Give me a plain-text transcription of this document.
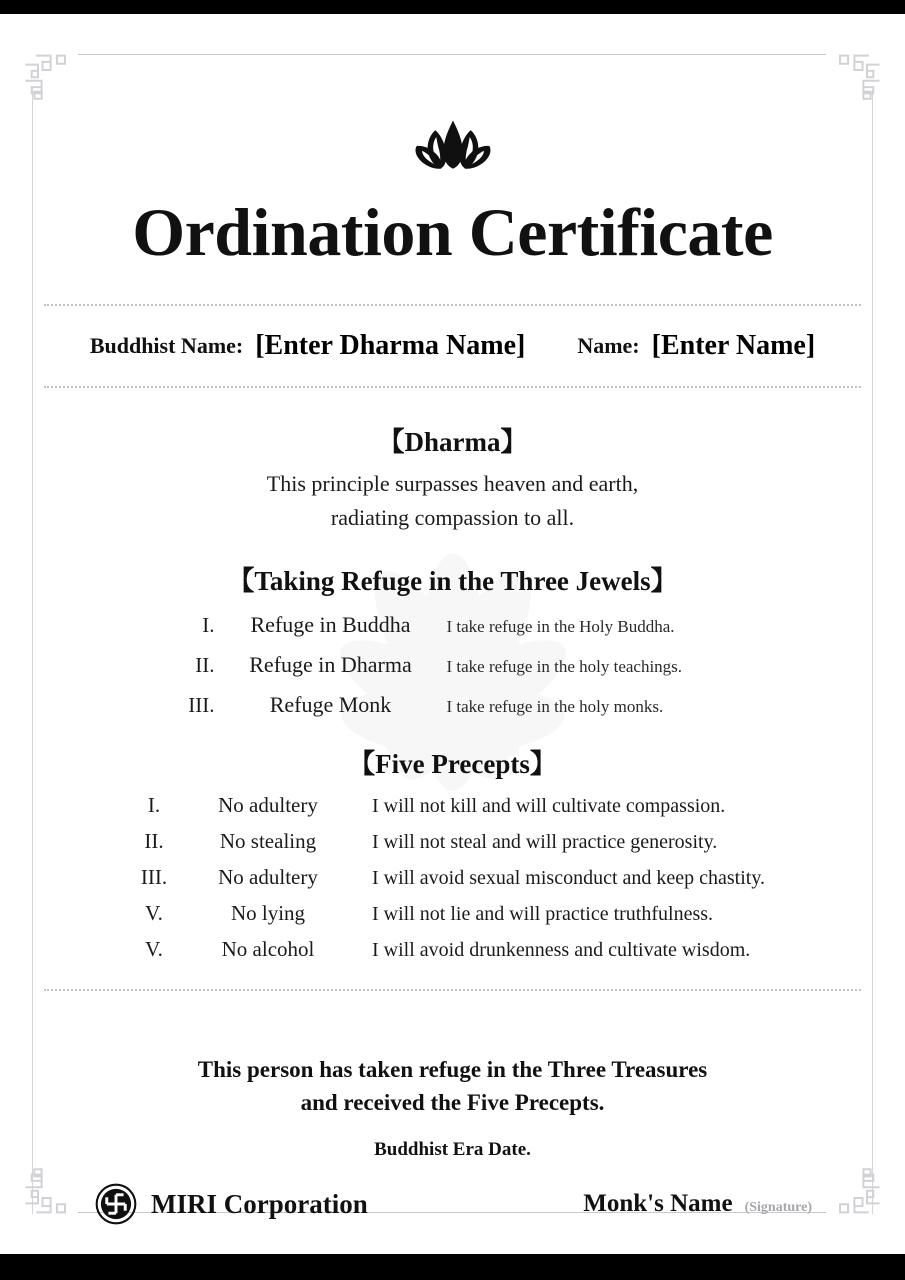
Ordination Certificate
Buddhist Name: [Enter Dharma Name] Name: [Enter Name]
【Dharma】
This principle surpasses heaven and earth,
radiating compassion to all.
【Taking Refuge in the Three Jewels】
I.	Refuge in Buddha	I take refuge in the Holy Buddha.
II.	Refuge in Dharma	I take refuge in the holy teachings.
III.	Refuge Monk	I take refuge in the holy monks.
【Five Precepts】
I.	No adultery	I will not kill and will cultivate compassion.
II.	No stealing	I will not steal and will practice generosity.
III.	No adultery	I will avoid sexual misconduct and keep chastity.
V.	No lying	I will not lie and will practice truthfulness.
V.	No alcohol	I will avoid drunkenness and cultivate wisdom.
This person has taken refuge in the Three Treasures
and received the Five Precepts.
Buddhist Era Date.
MIRI Corporation	Monk's Name (Signature)
